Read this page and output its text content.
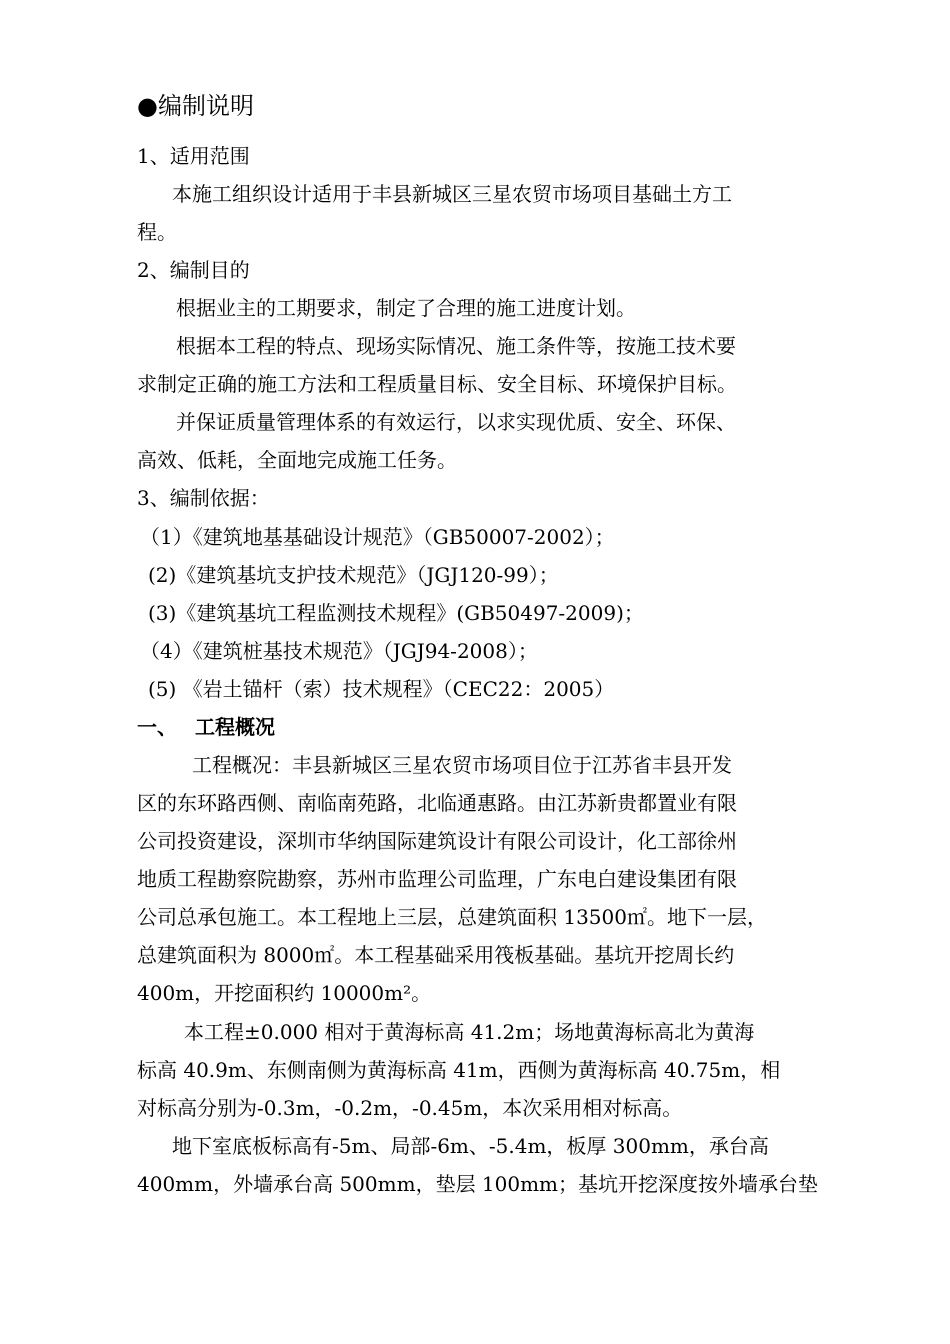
●编制说明
1、适用范围
本施工组织设计适用于丰县新城区三星农贸市场项目基础土方工
程。
2、编制目的
根据业主的工期要求，制定了合理的施工进度计划。
根据本工程的特点、现场实际情况、施工条件等，按施工技术要
求制定正确的施工方法和工程质量目标、安全目标、环境保护目标。
并保证质量管理体系的有效运行，以求实现优质、安全、环保、
高效、低耗，全面地完成施工任务。
3、编制依据：
（1）《建筑地基基础设计规范》（GB50007-2002）；
(2)《建筑基坑支护技术规范》（JGJ120-99）；
(3)《建筑基坑工程监测技术规程》(GB50497-2009)；
（4）《建筑桩基技术规范》（JGJ94-2008）；
(5) 《岩土锚杆（索）技术规程》（CEC22：2005）
一、 工程概况
工程概况：丰县新城区三星农贸市场项目位于江苏省丰县开发
区的东环路西侧、南临南苑路，北临通惠路。由江苏新贵都置业有限
公司投资建设，深圳市华纳国际建筑设计有限公司设计，化工部徐州
地质工程勘察院勘察，苏州市监理公司监理，广东电白建设集团有限
公司总承包施工。本工程地上三层，总建筑面积 13500㎡。地下一层，
总建筑面积为 8000㎡。本工程基础采用筏板基础。基坑开挖周长约
400m，开挖面积约 10000m²。
本工程±0.000 相对于黄海标高 41.2m；场地黄海标高北为黄海
标高 40.9m、东侧南侧为黄海标高 41m，西侧为黄海标高 40.75m，相
对标高分别为-0.3m，-0.2m，-0.45m，本次采用相对标高。
地下室底板标高有-5m、局部-6m、-5.4m，板厚 300mm，承台高
400mm，外墙承台高 500mm，垫层 100mm；基坑开挖深度按外墙承台垫
